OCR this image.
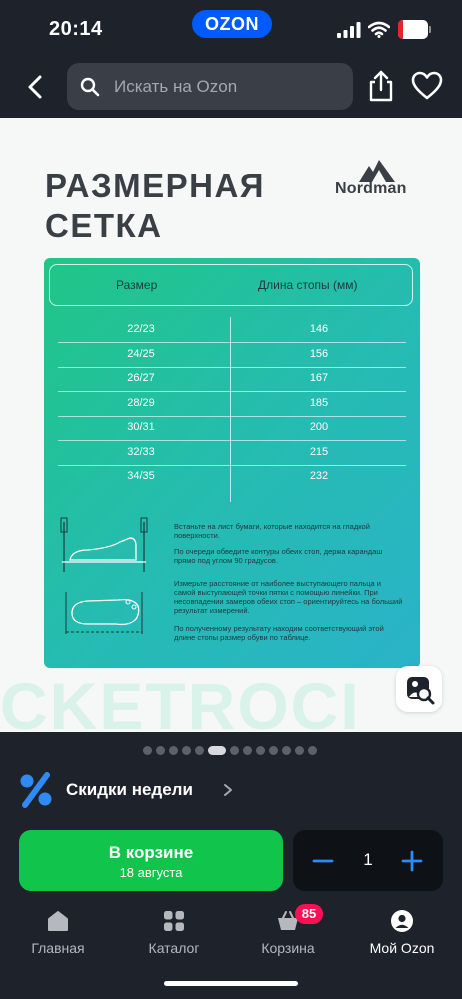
20:14	OZON	16
Искать на Ozon
РАЗМЕРНАЯ
СЕТКА
Nordman
Размер	Длина стопы (мм)
22/23	146
24/25	156
26/27	167
28/29	185
30/31	200
32/33	215
34/35	232
Встаньте на лист бумаги, которые находится на гладкой поверхности.
По очереди обведите контуры обеих стоп, держа карандаш прямо под углом 90 градусов.
Измерьте расстояние от наиболее выступающего пальца и самой выступающей точки пятки с помощью линейки. При несовпадении замеров обеих стоп – ориентируйтесь на больший результат измерений.
По полученному результату находим соответствующий этой длине стопы размер обуви по таблице.
CKETROCI
Скидки недели
В корзине
18 августа
1
Главная	Каталог
85
Корзина	Мой Ozon
